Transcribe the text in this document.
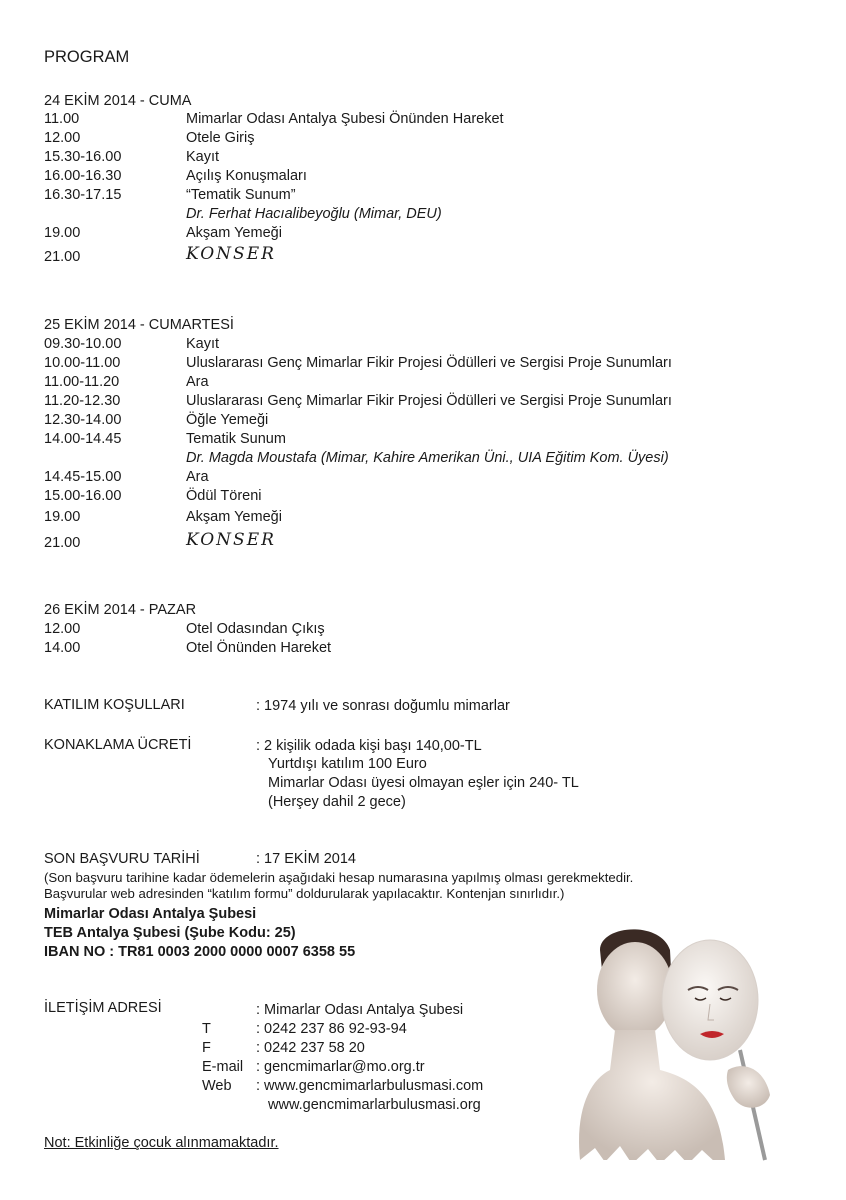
PROGRAM
24 EKİM 2014 - CUMA
11.00	Mimarlar Odası Antalya Şubesi Önünden Hareket
12.00	Otele Giriş
15.30-16.00	Kayıt
16.00-16.30	Açılış Konuşmaları
16.30-17.15	“Tematik Sunum”
Dr. Ferhat Hacıalibeyoğlu (Mimar, DEU)
19.00	Akşam Yemeği
21.00	KONSER
25 EKİM 2014 - CUMARTESİ
09.30-10.00	Kayıt
10.00-11.00	Uluslararası Genç Mimarlar Fikir Projesi Ödülleri ve Sergisi Proje Sunumları
11.00-11.20	Ara
11.20-12.30	Uluslararası Genç Mimarlar Fikir Projesi Ödülleri ve Sergisi Proje Sunumları
12.30-14.00	Öğle Yemeği
14.00-14.45	Tematik Sunum
Dr. Magda Moustafa (Mimar, Kahire Amerikan Üni., UIA Eğitim Kom. Üyesi)
14.45-15.00	Ara
15.00-16.00	Ödül Töreni
19.00	Akşam Yemeği
21.00	KONSER
26 EKİM 2014 - PAZAR
12.00	Otel Odasından Çıkış
14.00	Otel Önünden Hareket
KATILIM KOŞULLARI	: 1974 yılı ve sonrası doğumlu mimarlar
KONAKLAMA ÜCRETİ	: 2 kişilik odada kişi başı 140,00-TL
Yurtdışı katılım 100 Euro
Mimarlar Odası üyesi olmayan eşler için 240- TL
(Herşey dahil 2 gece)
SON BAŞVURU TARİHİ	: 17 EKİM 2014
(Son başvuru tarihine kadar ödemelerin aşağıdaki hesap numarasına yapılmış olması gerekmektedir.
Başvurular web adresinden “katılım formu” doldurularak yapılacaktır. Kontenjan sınırlıdır.)
Mimarlar Odası Antalya Şubesi
TEB Antalya Şubesi (Şube Kodu: 25)
IBAN NO : TR81 0003 2000 0000 0007 6358 55
İLETİŞİM ADRESİ	: Mimarlar Odası Antalya Şubesi
T	: 0242 237 86 92-93-94
F	: 0242 237 58 20
E-mail : gencmimarlar@mo.org.tr
Web : www.gencmimarlarbulusmasi.com
www.gencmimarlarbulusmasi.org
Not: Etkinliğe çocuk alınmamaktadır.
